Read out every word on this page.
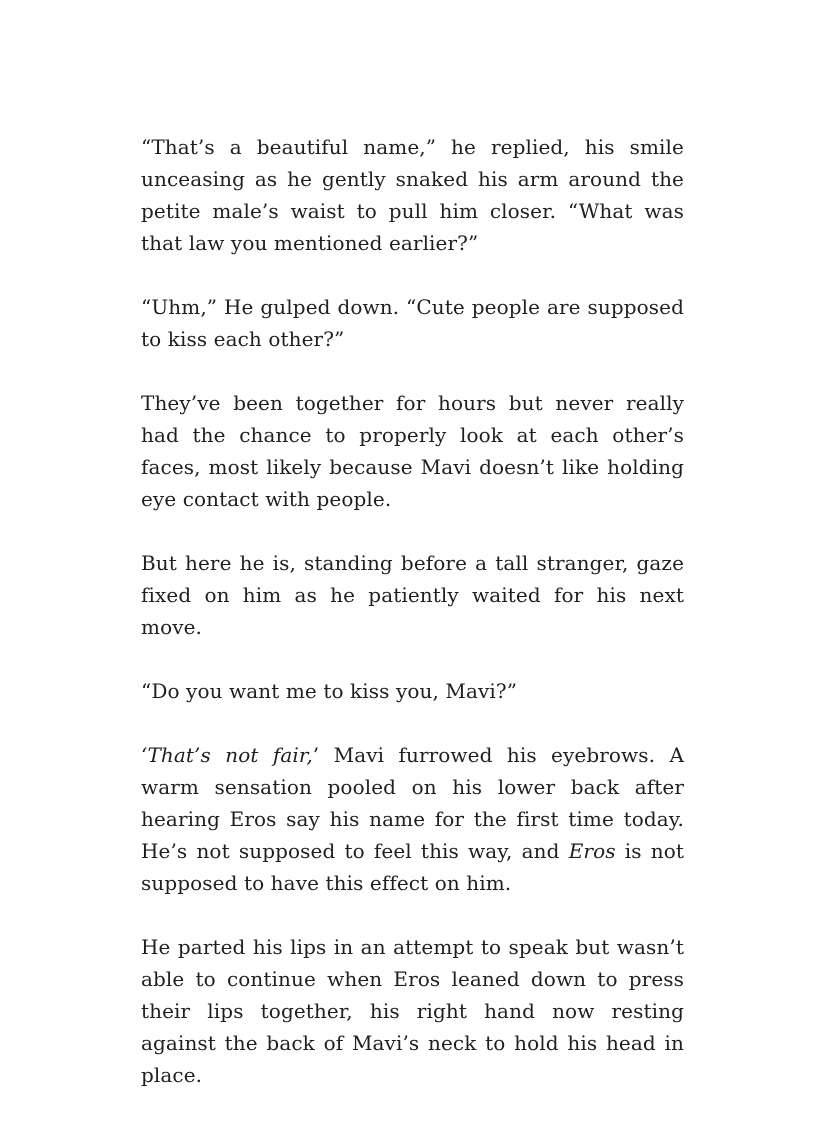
“That’s a beautiful name,” he replied, his smile unceasing as he gently snaked his arm around the petite male’s waist to pull him closer. “What was that law you mentioned earlier?”

“Uhm,” He gulped down. “Cute people are supposed to kiss each other?”

They’ve been together for hours but never really had the chance to properly look at each other’s faces, most likely because Mavi doesn’t like holding eye contact with people.

But here he is, standing before a tall stranger, gaze fixed on him as he patiently waited for his next move.

“Do you want me to kiss you, Mavi?”

‘That’s not fair,’ Mavi furrowed his eyebrows. A warm sensation pooled on his lower back after hearing Eros say his name for the first time today. He’s not supposed to feel this way, and Eros is not supposed to have this effect on him.

He parted his lips in an attempt to speak but wasn’t able to continue when Eros leaned down to press their lips together, his right hand now resting against the back of Mavi’s neck to hold his head in place.
